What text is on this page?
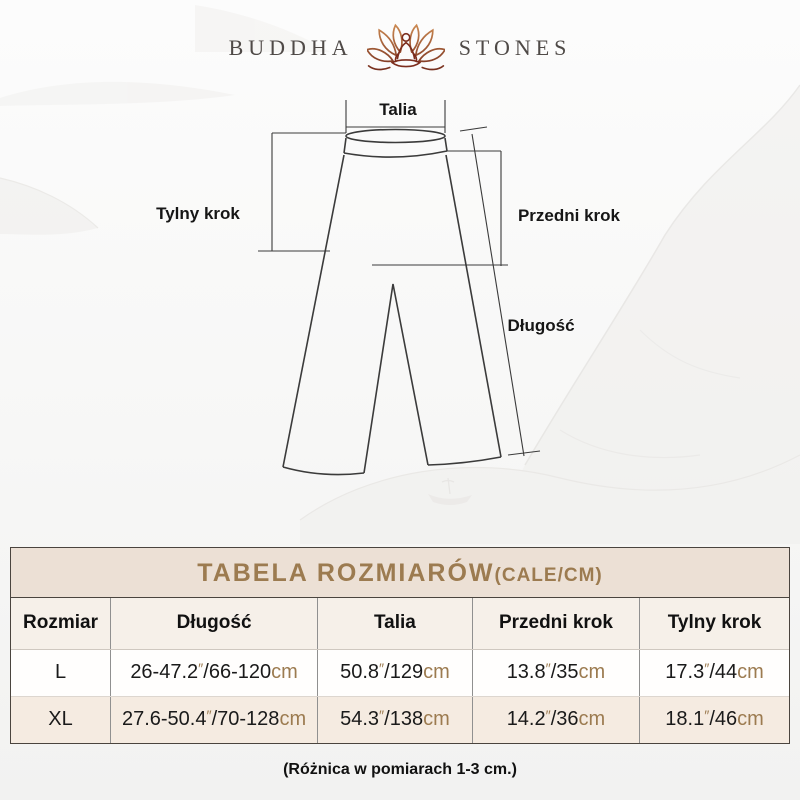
BUDDHA	STONES
Talia
Tylny krok	Przedni krok
Długość
TABELA ROZMIARÓW (CALE/CM)
Rozmiar	Długość	Talia	Przedni krok	Tylny krok
L	26-47.2″/66-120cm	50.8″/129cm	13.8″/35cm	17.3″/44cm
XL	27.6-50.4″/70-128cm	54.3″/138cm	14.2″/36cm	18.1″/46cm
(Różnica w pomiarach 1-3 cm.)
